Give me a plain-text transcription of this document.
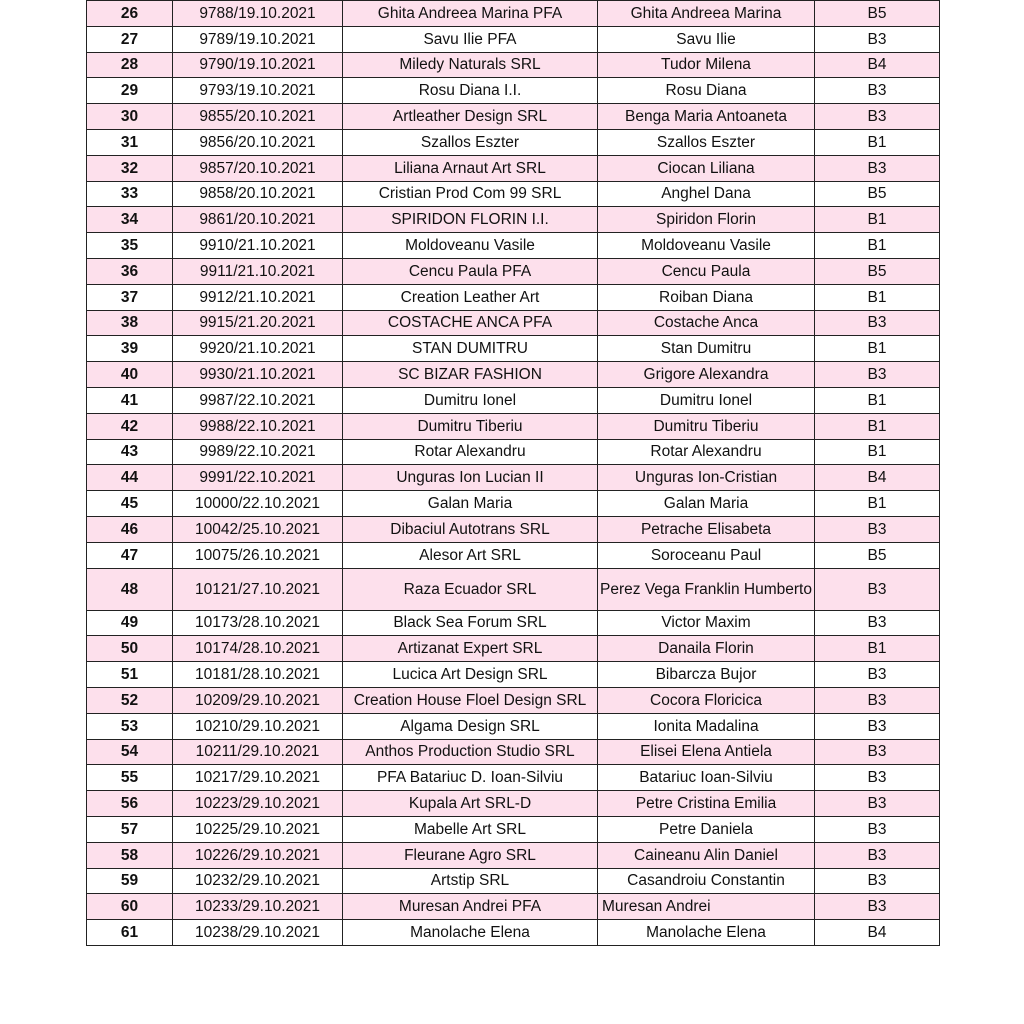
26	9788/19.10.2021	Ghita Andreea Marina PFA	Ghita Andreea Marina	B5
27	9789/19.10.2021	Savu Ilie PFA	Savu Ilie	B3
28	9790/19.10.2021	Miledy Naturals SRL	Tudor Milena	B4
29	9793/19.10.2021	Rosu Diana I.I.	Rosu Diana	B3
30	9855/20.10.2021	Artleather Design SRL	Benga Maria Antoaneta	B3
31	9856/20.10.2021	Szallos Eszter	Szallos Eszter	B1
32	9857/20.10.2021	Liliana Arnaut Art SRL	Ciocan Liliana	B3
33	9858/20.10.2021	Cristian Prod Com 99 SRL	Anghel Dana	B5
34	9861/20.10.2021	SPIRIDON FLORIN I.I.	Spiridon Florin	B1
35	9910/21.10.2021	Moldoveanu Vasile	Moldoveanu Vasile	B1
36	9911/21.10.2021	Cencu Paula PFA	Cencu Paula	B5
37	9912/21.10.2021	Creation Leather Art	Roiban Diana	B1
38	9915/21.20.2021	COSTACHE ANCA PFA	Costache Anca	B3
39	9920/21.10.2021	STAN DUMITRU	Stan Dumitru	B1
40	9930/21.10.2021	SC BIZAR FASHION	Grigore Alexandra	B3
41	9987/22.10.2021	Dumitru Ionel	Dumitru Ionel	B1
42	9988/22.10.2021	Dumitru Tiberiu	Dumitru Tiberiu	B1
43	9989/22.10.2021	Rotar Alexandru	Rotar Alexandru	B1
44	9991/22.10.2021	Unguras Ion Lucian II	Unguras Ion-Cristian	B4
45	10000/22.10.2021	Galan Maria	Galan Maria	B1
46	10042/25.10.2021	Dibaciul Autotrans SRL	Petrache Elisabeta	B3
47	10075/26.10.2021	Alesor Art SRL	Soroceanu Paul	B5
48	10121/27.10.2021	Raza Ecuador SRL	Perez Vega Franklin Humberto	B3
49	10173/28.10.2021	Black Sea Forum SRL	Victor Maxim	B3
50	10174/28.10.2021	Artizanat Expert SRL	Danaila Florin	B1
51	10181/28.10.2021	Lucica Art Design SRL	Bibarcza Bujor	B3
52	10209/29.10.2021	Creation House Floel Design SRL	Cocora Floricica	B3
53	10210/29.10.2021	Algama Design SRL	Ionita Madalina	B3
54	10211/29.10.2021	Anthos Production Studio SRL	Elisei Elena Antiela	B3
55	10217/29.10.2021	PFA Batariuc D. Ioan-Silviu	Batariuc Ioan-Silviu	B3
56	10223/29.10.2021	Kupala Art SRL-D	Petre Cristina Emilia	B3
57	10225/29.10.2021	Mabelle Art SRL	Petre Daniela	B3
58	10226/29.10.2021	Fleurane Agro SRL	Caineanu Alin Daniel	B3
59	10232/29.10.2021	Artstip SRL	Casandroiu Constantin	B3
60	10233/29.10.2021	Muresan Andrei PFA	Muresan Andrei	B3
61	10238/29.10.2021	Manolache Elena	Manolache Elena	B4
